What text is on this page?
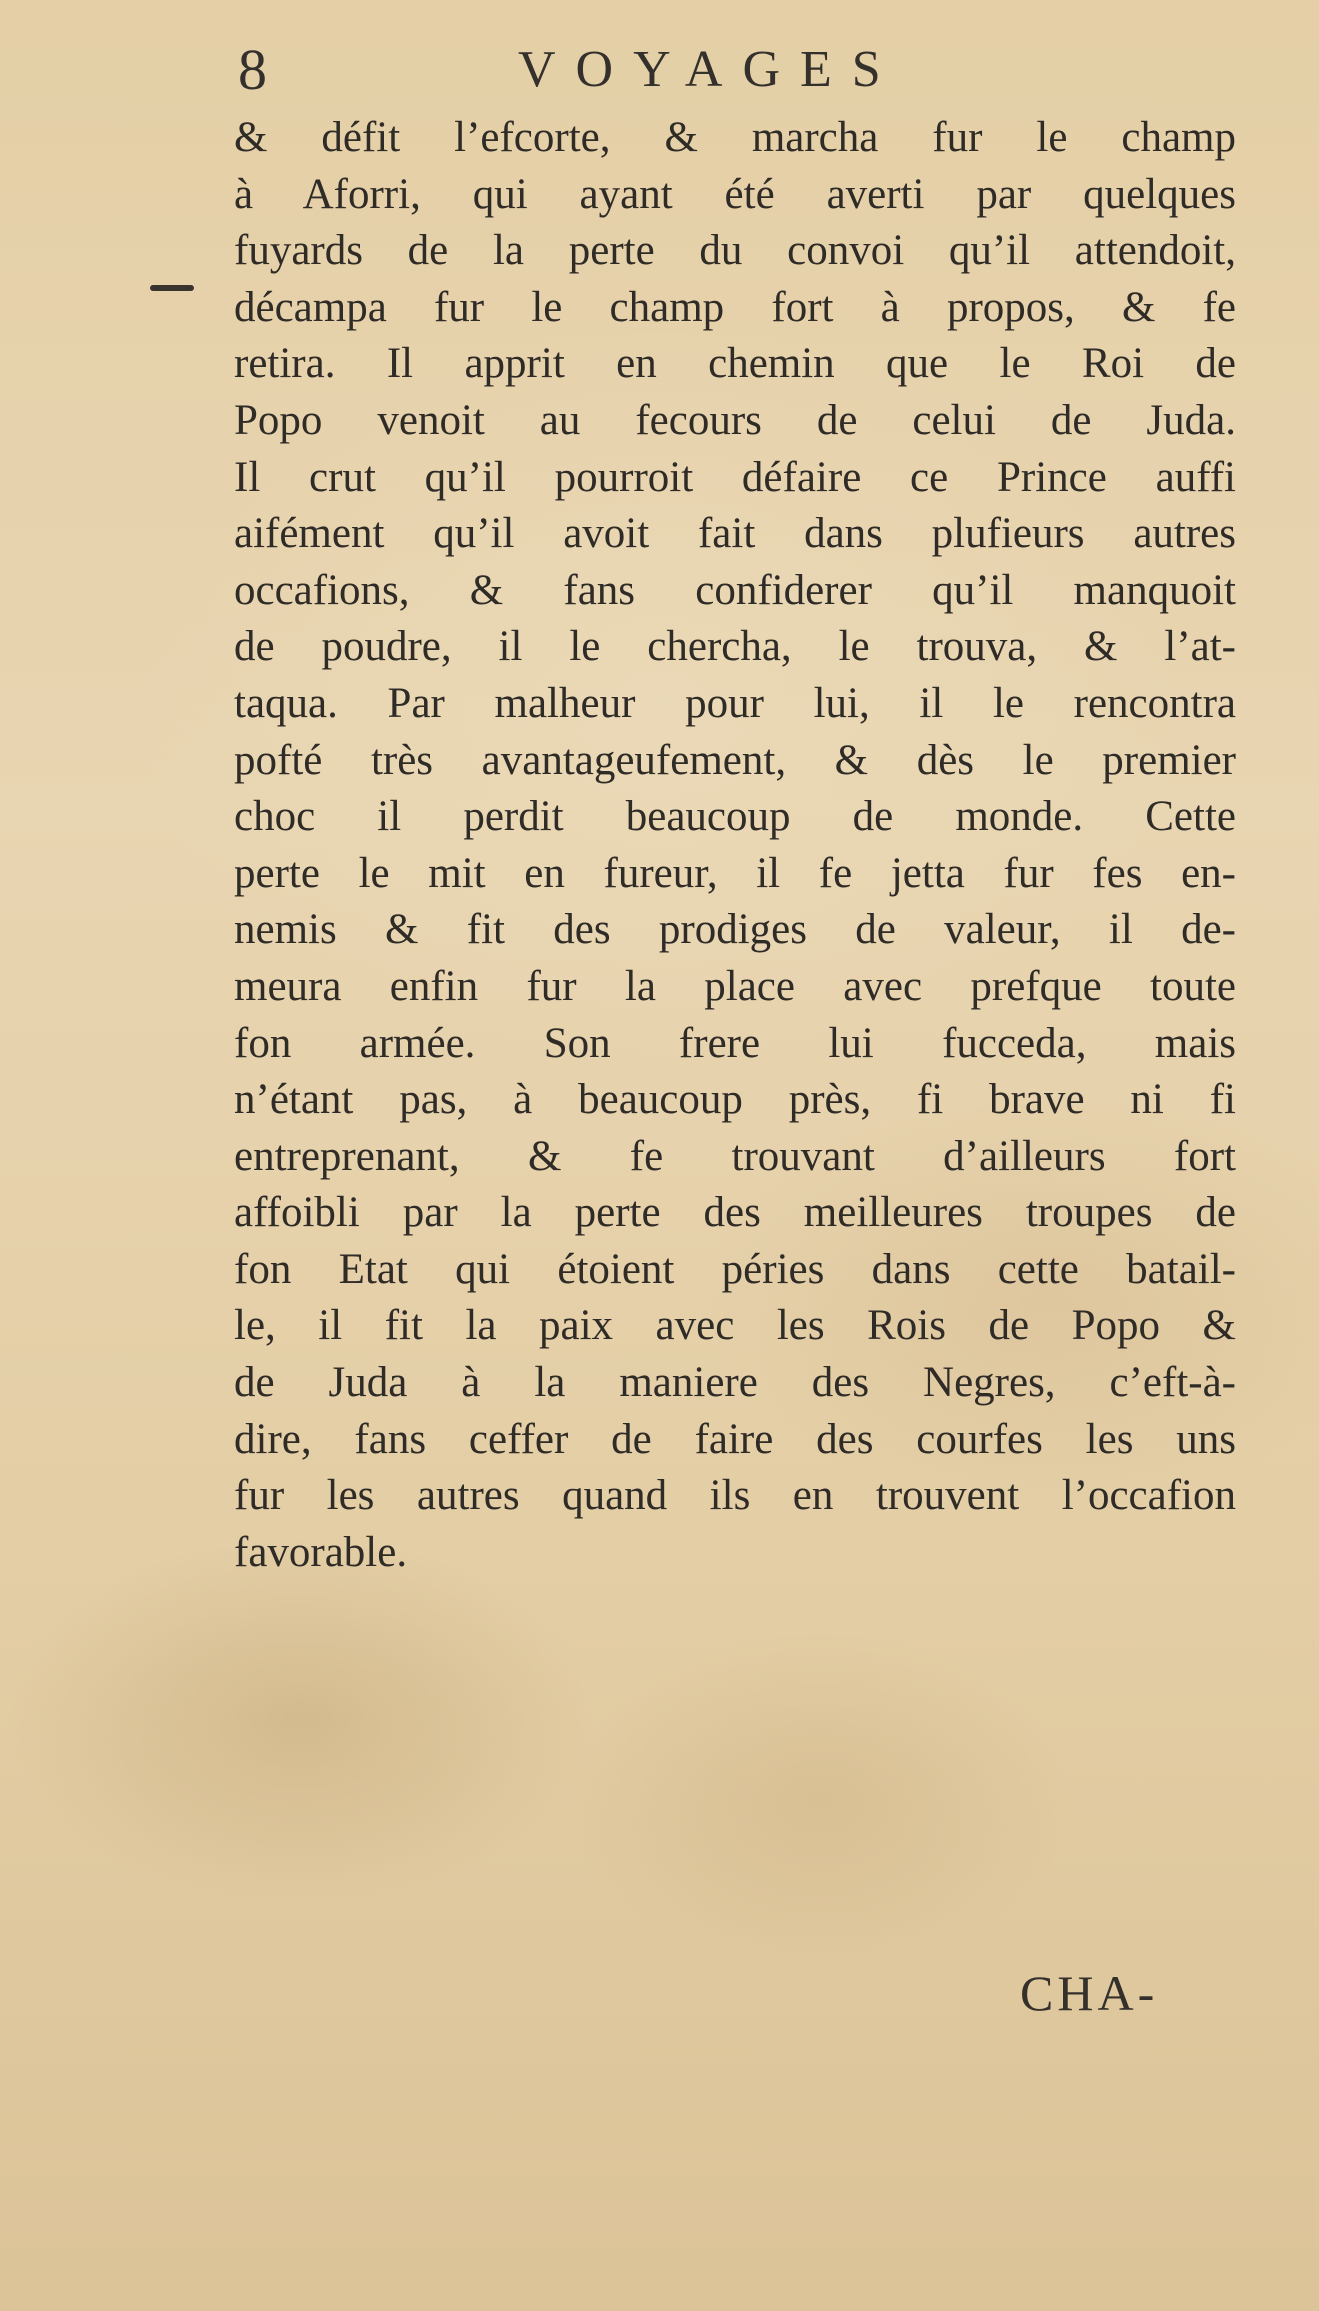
8	VOYAGES
& défit l’efcorte, & marcha fur le champ
à Aforri, qui ayant été averti par quelques
fuyards de la perte du convoi qu’il attendoit,
décampa fur le champ fort à propos, & fe
retira. Il apprit en chemin que le Roi de
Popo venoit au fecours de celui de Juda.
Il crut qu’il pourroit défaire ce Prince auffi
aifément qu’il avoit fait dans plufieurs autres
occafions, & fans confiderer qu’il manquoit
de poudre, il le chercha, le trouva, & l’at-
taqua. Par malheur pour lui, il le rencontra
pofté très avantageufement, & dès le premier
choc il perdit beaucoup de monde. Cette
perte le mit en fureur, il fe jetta fur fes en-
nemis & fit des prodiges de valeur, il de-
meura enfin fur la place avec prefque toute
fon armée. Son frere lui fucceda, mais
n’étant pas, à beaucoup près, fi brave ni fi
entreprenant, & fe trouvant d’ailleurs fort
affoibli par la perte des meilleures troupes de
fon Etat qui étoient péries dans cette batail-
le, il fit la paix avec les Rois de Popo &
de Juda à la maniere des Negres, c’eft-à-
dire, fans ceffer de faire des courfes les uns
fur les autres quand ils en trouvent l’occafion
favorable.
CHA-
